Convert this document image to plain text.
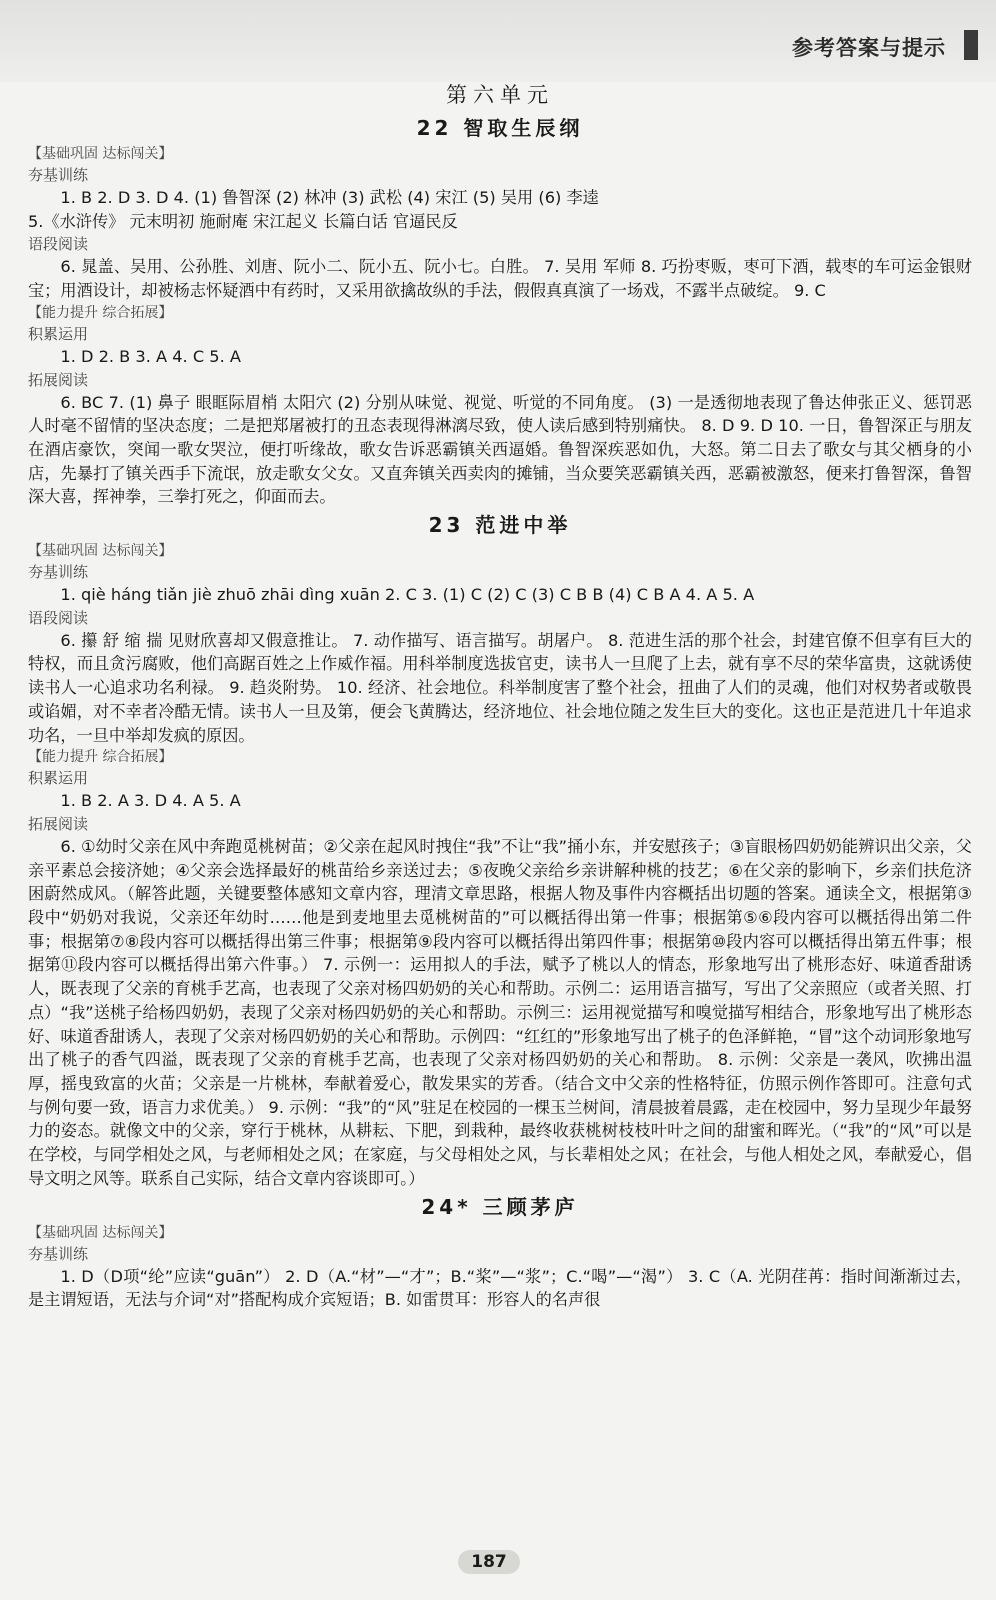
参考答案与提示
第六单元
22 智取生辰纲
【基础巩固 达标闯关】
夯基训练

1. B 2. D 3. D 4. (1) 鲁智深 (2) 林冲 (3) 武松 (4) 宋江 (5) 吴用 (6) 李逵

5.《水浒传》 元末明初 施耐庵 宋江起义 长篇白话 官逼民反

语段阅读

6. 晁盖、吴用、公孙胜、刘唐、阮小二、阮小五、阮小七。白胜。 7. 吴用 军师 8. 巧扮枣贩，枣可下酒，载枣的车可运金银财宝；用酒设计，却被杨志怀疑酒中有药时，又采用欲擒故纵的手法，假假真真演了一场戏，不露半点破绽。 9. C

【能力提升 综合拓展】
积累运用

1. D 2. B 3. A 4. C 5. A

拓展阅读

6. BC 7. (1) 鼻子 眼眶际眉梢 太阳穴 (2) 分别从味觉、视觉、听觉的不同角度。 (3) 一是透彻地表现了鲁达伸张正义、惩罚恶人时毫不留情的坚决态度；二是把郑屠被打的丑态表现得淋漓尽致，使人读后感到特别痛快。 8. D 9. D 10. 一日，鲁智深正与朋友在酒店豪饮，突闻一歌女哭泣，便打听缘故，歌女告诉恶霸镇关西逼婚。鲁智深疾恶如仇，大怒。第二日去了歌女与其父栖身的小店，先暴打了镇关西手下流氓，放走歌女父女。又直奔镇关西卖肉的摊铺，当众要笑恶霸镇关西，恶霸被激怒，便来打鲁智深，鲁智深大喜，挥神拳，三拳打死之，仰面而去。

23 范进中举
【基础巩固 达标闯关】
夯基训练

1. qiè háng tiǎn jiè zhuō zhāi dìng xuān 2. C 3. (1) C (2) C (3) C B B (4) C B A 4. A 5. A

语段阅读

6. 攥 舒 缩 揣 见财欣喜却又假意推让。 7. 动作描写、语言描写。胡屠户。 8. 范进生活的那个社会，封建官僚不但享有巨大的特权，而且贪污腐败，他们高踞百姓之上作威作福。用科举制度选拔官吏，读书人一旦爬了上去，就有享不尽的荣华富贵，这就诱使读书人一心追求功名利禄。 9. 趋炎附势。 10. 经济、社会地位。科举制度害了整个社会，扭曲了人们的灵魂，他们对权势者或敬畏或谄媚，对不幸者冷酷无情。读书人一旦及第，便会飞黄腾达，经济地位、社会地位随之发生巨大的变化。这也正是范进几十年追求功名，一旦中举却发疯的原因。

【能力提升 综合拓展】
积累运用

1. B 2. A 3. D 4. A 5. A

拓展阅读

6. ①幼时父亲在风中奔跑觅桃树苗；②父亲在起风时拽住“我”不让“我”捅小东，并安慰孩子；③盲眼杨四奶奶能辨识出父亲，父亲平素总会接济她；④父亲会选择最好的桃苗给乡亲送过去；⑤夜晚父亲给乡亲讲解种桃的技艺；⑥在父亲的影响下，乡亲们扶危济困蔚然成风。（解答此题，关键要整体感知文章内容，理清文章思路，根据人物及事件内容概括出切题的答案。通读全文，根据第③段中“奶奶对我说，父亲还年幼时……他是到麦地里去觅桃树苗的”可以概括得出第一件事；根据第⑤⑥段内容可以概括得出第二件事；根据第⑦⑧段内容可以概括得出第三件事；根据第⑨段内容可以概括得出第四件事；根据第⑩段内容可以概括得出第五件事；根据第⑪段内容可以概括得出第六件事。） 7. 示例一：运用拟人的手法，赋予了桃以人的情态，形象地写出了桃形态好、味道香甜诱人，既表现了父亲的育桃手艺高，也表现了父亲对杨四奶奶的关心和帮助。示例二：运用语言描写，写出了父亲照应（或者关照、打点）“我”送桃子给杨四奶奶，表现了父亲对杨四奶奶的关心和帮助。示例三：运用视觉描写和嗅觉描写相结合，形象地写出了桃形态好、味道香甜诱人，表现了父亲对杨四奶奶的关心和帮助。示例四：“红红的”形象地写出了桃子的色泽鲜艳，“冒”这个动词形象地写出了桃子的香气四溢，既表现了父亲的育桃手艺高，也表现了父亲对杨四奶奶的关心和帮助。 8. 示例：父亲是一袭风，吹拂出温厚，摇曳致富的火苗；父亲是一片桃林，奉献着爱心，散发果实的芳香。（结合文中父亲的性格特征，仿照示例作答即可。注意句式与例句要一致，语言力求优美。） 9. 示例：“我”的“风”驻足在校园的一棵玉兰树间，清晨披着晨露，走在校园中，努力呈现少年最努力的姿态。就像文中的父亲，穿行于桃林，从耕耘、下肥，到栽种，最终收获桃树枝枝叶叶之间的甜蜜和晖光。（“我”的“风”可以是在学校，与同学相处之风，与老师相处之风；在家庭，与父母相处之风，与长辈相处之风；在社会，与他人相处之风，奉献爱心，倡导文明之风等。联系自己实际，结合文章内容谈即可。）

24* 三顾茅庐
【基础巩固 达标闯关】
夯基训练

1. D（D项“纶”应读“guān”） 2. D（A.“材”—“才”；B.“桨”—“浆”；C.“喝”—“渴”） 3. C（A. 光阴荏苒：指时间渐渐过去，是主谓短语，无法与介词“对”搭配构成介宾短语；B. 如雷贯耳：形容人的名声很

187
